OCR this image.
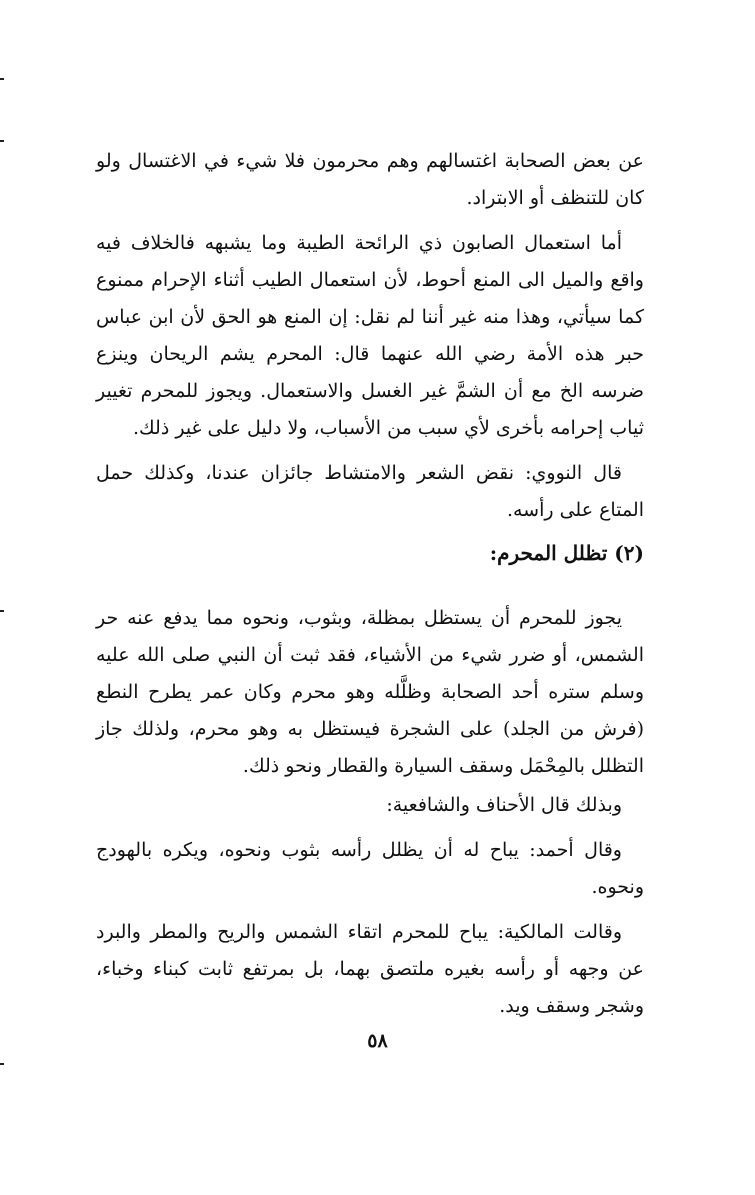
عن بعض الصحابة اغتسالهم وهم محرمون فلا شيء في الاغتسال ولو كان للتنظف أو الابتراد.

أما استعمال الصابون ذي الرائحة الطيبة وما يشبهه فالخلاف فيه واقع والميل الى المنع أحوط، لأن استعمال الطيب أثناء الإحرام ممنوع كما سيأتي، وهذا منه غير أننا لم نقل: إن المنع هو الحق لأن ابن عباس حبر هذه الأمة رضي الله عنهما قال: المحرم يشم الريحان وينزع ضرسه الخ مع أن الشمَّ غير الغسل والاستعمال. ويجوز للمحرم تغيير ثياب إحرامه بأخرى لأي سبب من الأسباب، ولا دليل على غير ذلك.

قال النووي: نقض الشعر والامتشاط جائزان عندنا، وكذلك حمل المتاع على رأسه.

(٢) تظلل المحرم:

يجوز للمحرم أن يستظل بمظلة، وبثوب، ونحوه مما يدفع عنه حر الشمس، أو ضرر شيء من الأشياء، فقد ثبت أن النبي صلى الله عليه وسلم ستره أحد الصحابة وظلَّله وهو محرم وكان عمر يطرح النطع (فرش من الجلد) على الشجرة فيستظل به وهو محرم، ولذلك جاز التظلل بالمِحْمَل وسقف السيارة والقطار ونحو ذلك.

وبذلك قال الأحناف والشافعية:

وقال أحمد: يباح له أن يظلل رأسه بثوب ونحوه، ويكره بالهودج ونحوه.

وقالت المالكية: يباح للمحرم اتقاء الشمس والريح والمطر والبرد عن وجهه أو رأسه بغيره ملتصق بهما، بل بمرتفع ثابت كبناء وخباء، وشجر وسقف ويد.

٥٨
